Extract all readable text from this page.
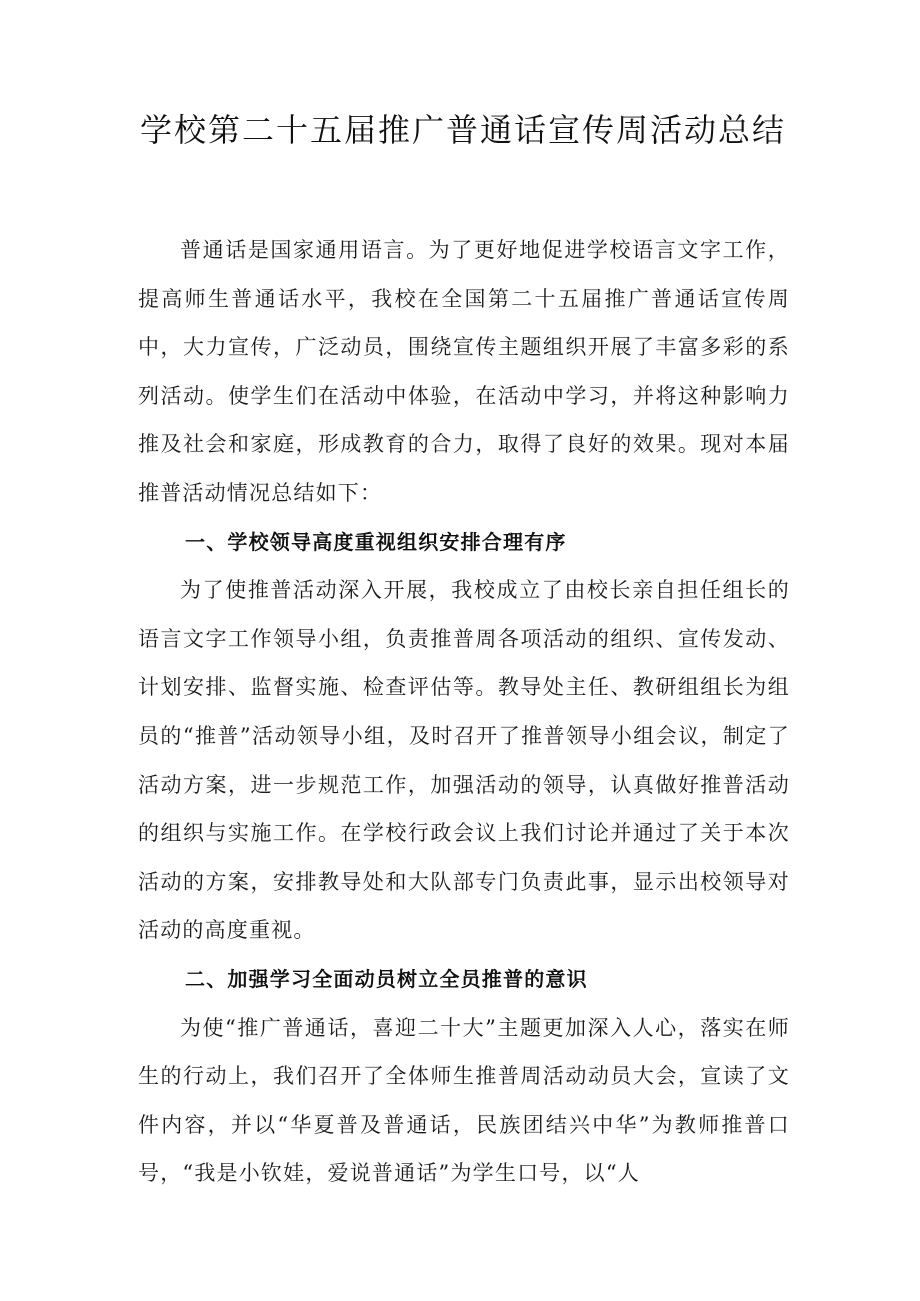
学校第二十五届推广普通话宣传周活动总结

普通话是国家通用语言。为了更好地促进学校语言文字工作，提高师生普通话水平，我校在全国第二十五届推广普通话宣传周中，大力宣传，广泛动员，围绕宣传主题组织开展了丰富多彩的系列活动。使学生们在活动中体验，在活动中学习，并将这种影响力推及社会和家庭，形成教育的合力，取得了良好的效果。现对本届推普活动情况总结如下：

一、学校领导高度重视组织安排合理有序

为了使推普活动深入开展，我校成立了由校长亲自担任组长的语言文字工作领导小组，负责推普周各项活动的组织、宣传发动、计划安排、监督实施、检查评估等。教导处主任、教研组组长为组员的“推普”活动领导小组，及时召开了推普领导小组会议，制定了活动方案，进一步规范工作，加强活动的领导，认真做好推普活动的组织与实施工作。在学校行政会议上我们讨论并通过了关于本次活动的方案，安排教导处和大队部专门负责此事，显示出校领导对活动的高度重视。

二、加强学习全面动员树立全员推普的意识

为使“推广普通话，喜迎二十大”主题更加深入人心，落实在师生的行动上，我们召开了全体师生推普周活动动员大会，宣读了文件内容，并以“华夏普及普通话，民族团结兴中华”为教师推普口号，“我是小钦娃，爱说普通话”为学生口号，以“人
